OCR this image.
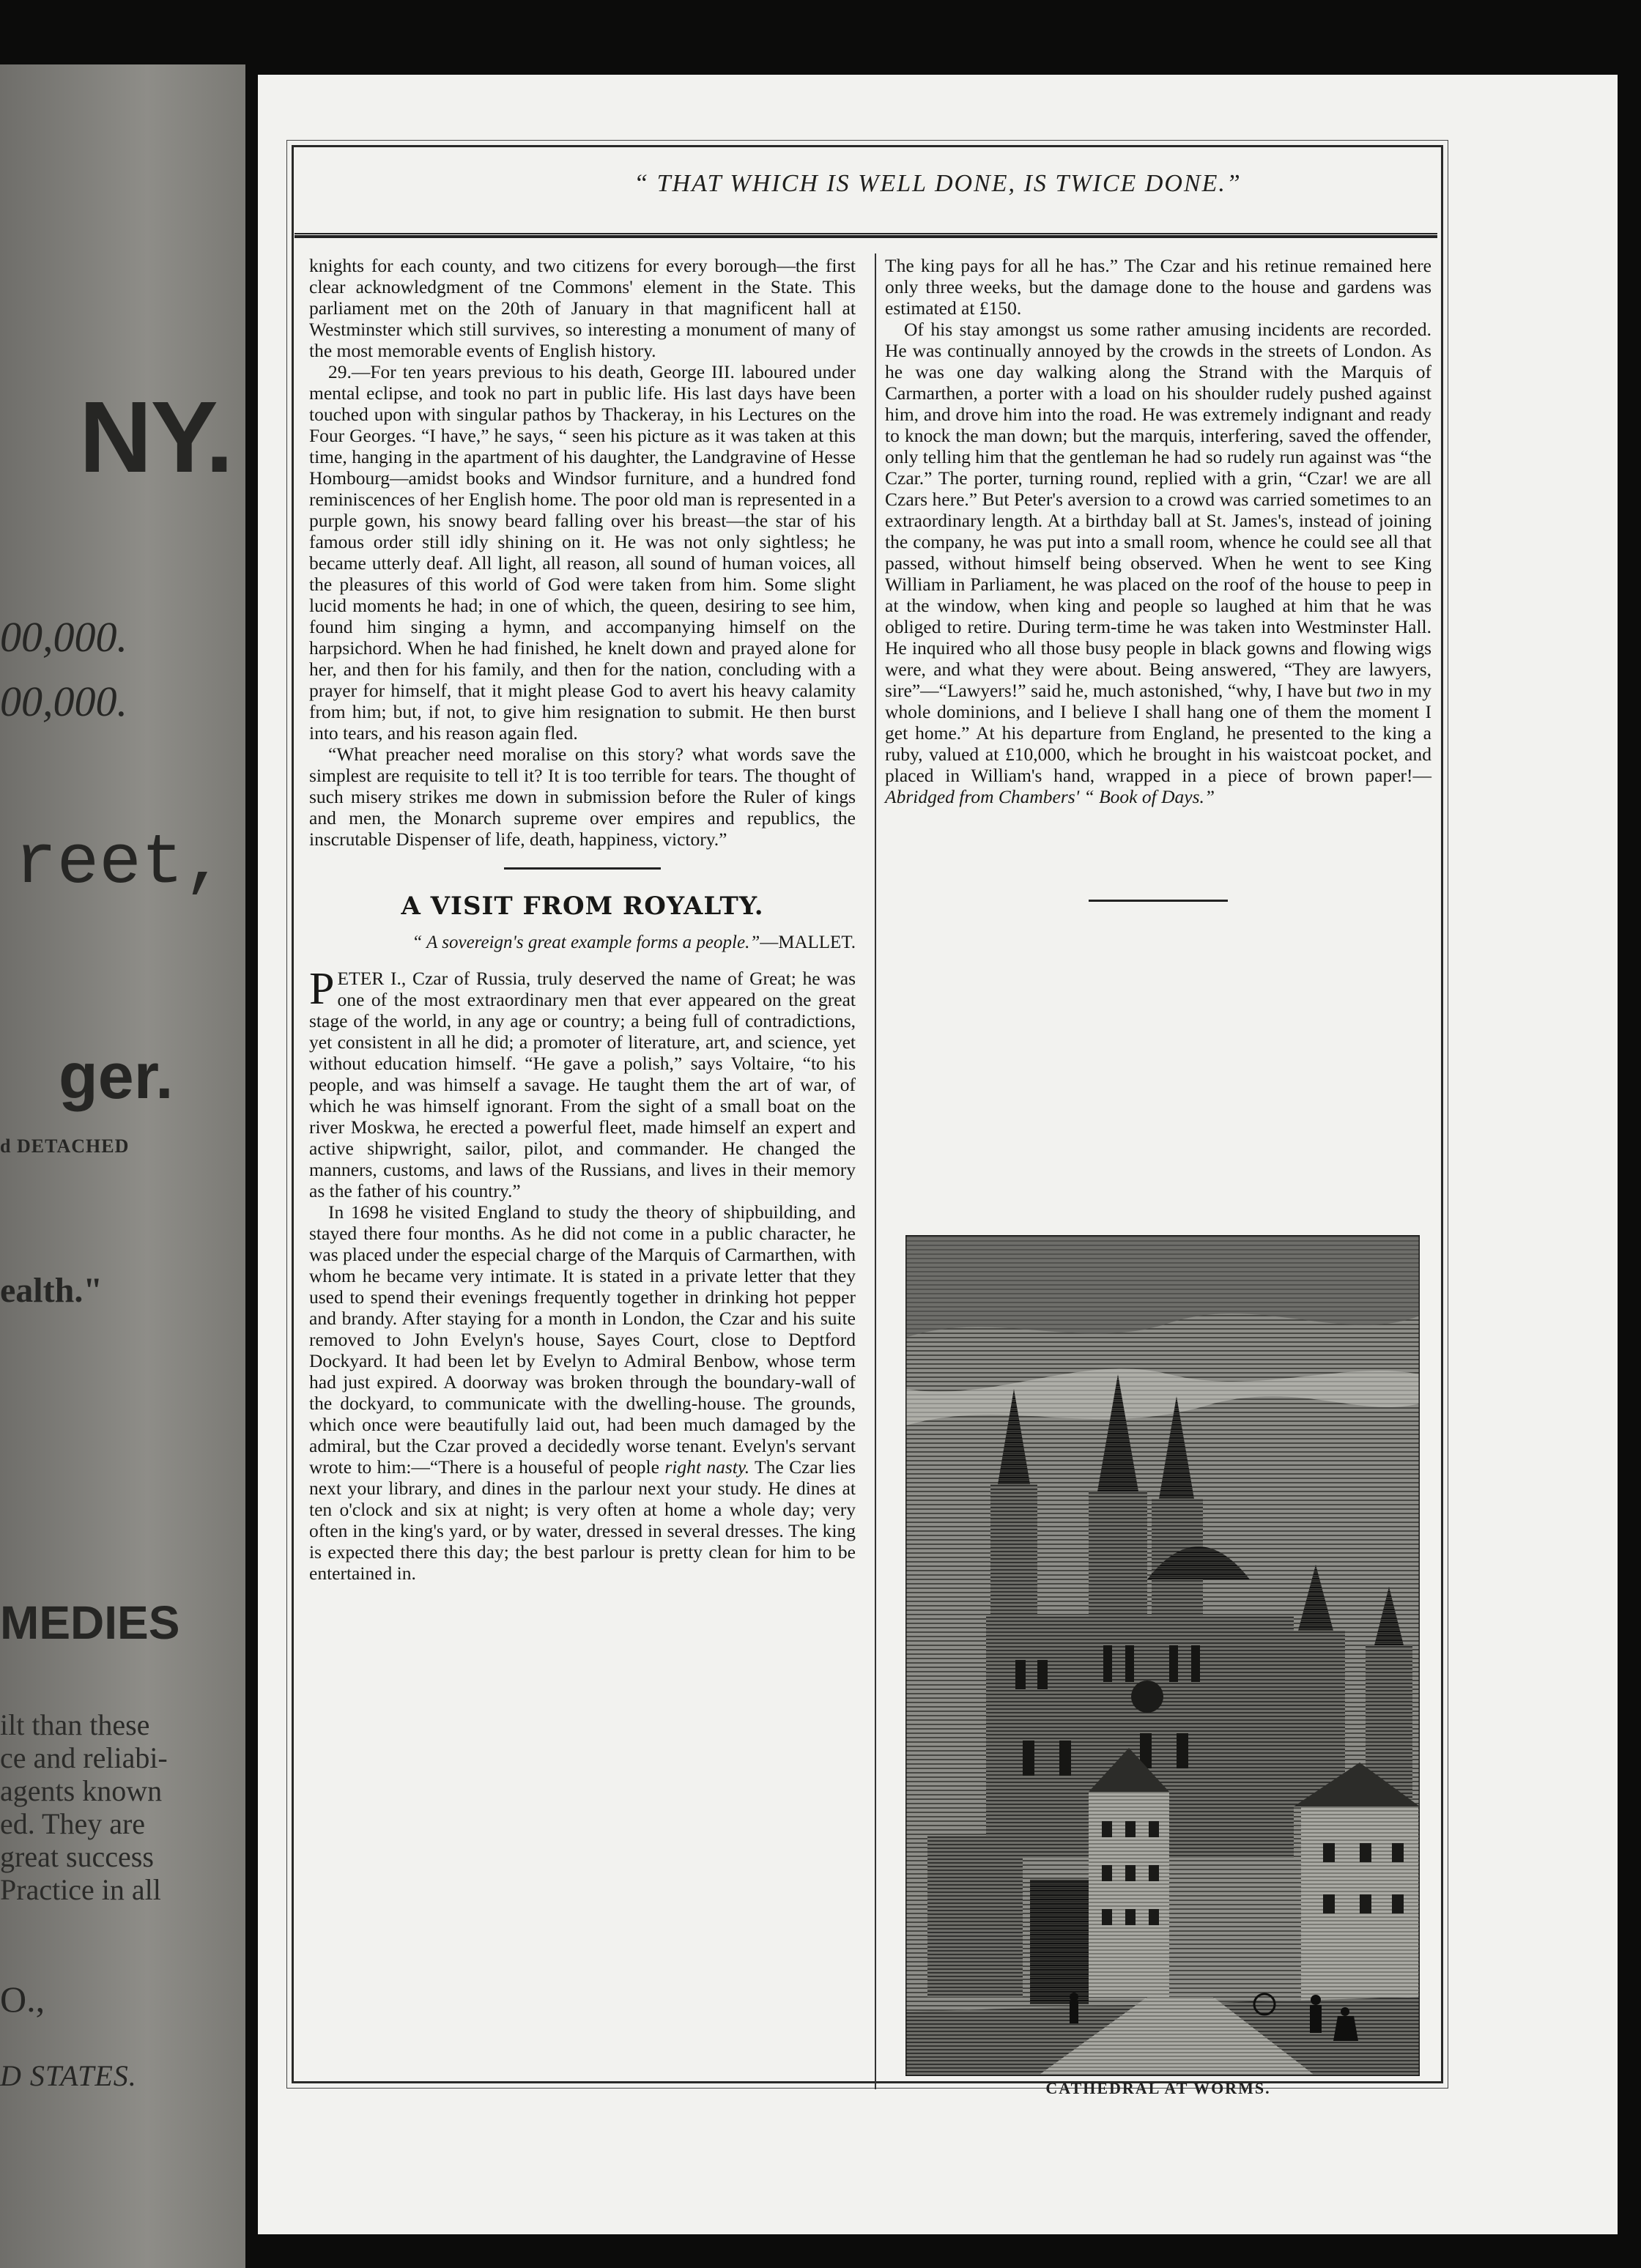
NY.
00,000.
00,000.
reet,
ger.
d DETACHED
ealth."
MEDIES
ilt than these
ce and reliabi-
agents known
ed. They are
great success
Practice in all
O.,
D STATES.
“ THAT WHICH IS WELL DONE, IS TWICE DONE.”

knights for each county, and two citizens for every borough—the first clear acknowledgment of tne Commons' element in the State. This parliament met on the 20th of January in that magnificent hall at Westminster which still survives, so interesting a monument of many of the most memorable events of English history.

29.—For ten years previous to his death, George III. laboured under mental eclipse, and took no part in public life. His last days have been touched upon with singular pathos by Thackeray, in his Lectures on the Four Georges. “I have,” he says, “ seen his picture as it was taken at this time, hanging in the apartment of his daughter, the Landgravine of Hesse Hombourg—amidst books and Windsor furniture, and a hundred fond reminiscences of her English home. The poor old man is represented in a purple gown, his snowy beard falling over his breast—the star of his famous order still idly shining on it. He was not only sightless; he became utterly deaf. All light, all reason, all sound of human voices, all the pleasures of this world of God were taken from him. Some slight lucid moments he had; in one of which, the queen, desiring to see him, found him singing a hymn, and accompanying himself on the harpsichord. When he had finished, he knelt down and prayed alone for her, and then for his family, and then for the nation, concluding with a prayer for himself, that it might please God to avert his heavy calamity from him; but, if not, to give him resignation to submit. He then burst into tears, and his reason again fled.

“What preacher need moralise on this story? what words save the simplest are requisite to tell it? It is too terrible for tears. The thought of such misery strikes me down in submission before the Ruler of kings and men, the Monarch supreme over empires and republics, the inscrutable Dispenser of life, death, happiness, victory.”

A VISIT FROM ROYALTY.
“ A sovereign's great example forms a people.”—MALLET.

PETER I., Czar of Russia, truly deserved the name of Great; he was one of the most extraordinary men that ever appeared on the great stage of the world, in any age or country; a being full of contradictions, yet consistent in all he did; a promoter of literature, art, and science, yet without education himself. “He gave a polish,” says Voltaire, “to his people, and was himself a savage. He taught them the art of war, of which he was himself ignorant. From the sight of a small boat on the river Moskwa, he erected a powerful fleet, made himself an expert and active shipwright, sailor, pilot, and commander. He changed the manners, customs, and laws of the Russians, and lives in their memory as the father of his country.”

In 1698 he visited England to study the theory of shipbuilding, and stayed there four months. As he did not come in a public character, he was placed under the especial charge of the Marquis of Carmarthen, with whom he became very intimate. It is stated in a private letter that they used to spend their evenings frequently together in drinking hot pepper and brandy. After staying for a month in London, the Czar and his suite removed to John Evelyn's house, Sayes Court, close to Deptford Dockyard. It had been let by Evelyn to Admiral Benbow, whose term had just expired. A doorway was broken through the boundary-wall of the dockyard, to communicate with the dwelling-house. The grounds, which once were beautifully laid out, had been much damaged by the admiral, but the Czar proved a decidedly worse tenant. Evelyn's servant wrote to him:—“There is a houseful of people right nasty. The Czar lies next your library, and dines in the parlour next your study. He dines at ten o'clock and six at night; is very often at home a whole day; very often in the king's yard, or by water, dressed in several dresses. The king is expected there this day; the best parlour is pretty clean for him to be entertained in.

The king pays for all he has.” The Czar and his retinue remained here only three weeks, but the damage done to the house and gardens was estimated at £150.

Of his stay amongst us some rather amusing incidents are recorded. He was continually annoyed by the crowds in the streets of London. As he was one day walking along the Strand with the Marquis of Carmarthen, a porter with a load on his shoulder rudely pushed against him, and drove him into the road. He was extremely indignant and ready to knock the man down; but the marquis, interfering, saved the offender, only telling him that the gentleman he had so rudely run against was “the Czar.” The porter, turning round, replied with a grin, “Czar! we are all Czars here.” But Peter's aversion to a crowd was carried sometimes to an extraordinary length. At a birthday ball at St. James's, instead of joining the company, he was put into a small room, whence he could see all that passed, without himself being observed. When he went to see King William in Parliament, he was placed on the roof of the house to peep in at the window, when king and people so laughed at him that he was obliged to retire. During term-time he was taken into Westminster Hall. He inquired who all those busy people in black gowns and flowing wigs were, and what they were about. Being answered, “They are lawyers, sire”—“Lawyers!” said he, much astonished, “why, I have but two in my whole dominions, and I believe I shall hang one of them the moment I get home.” At his departure from England, he presented to the king a ruby, valued at £10,000, which he brought in his waistcoat pocket, and placed in William's hand, wrapped in a piece of brown paper!—Abridged from Chambers' “ Book of Days.”

CATHEDRAL AT WORMS.
